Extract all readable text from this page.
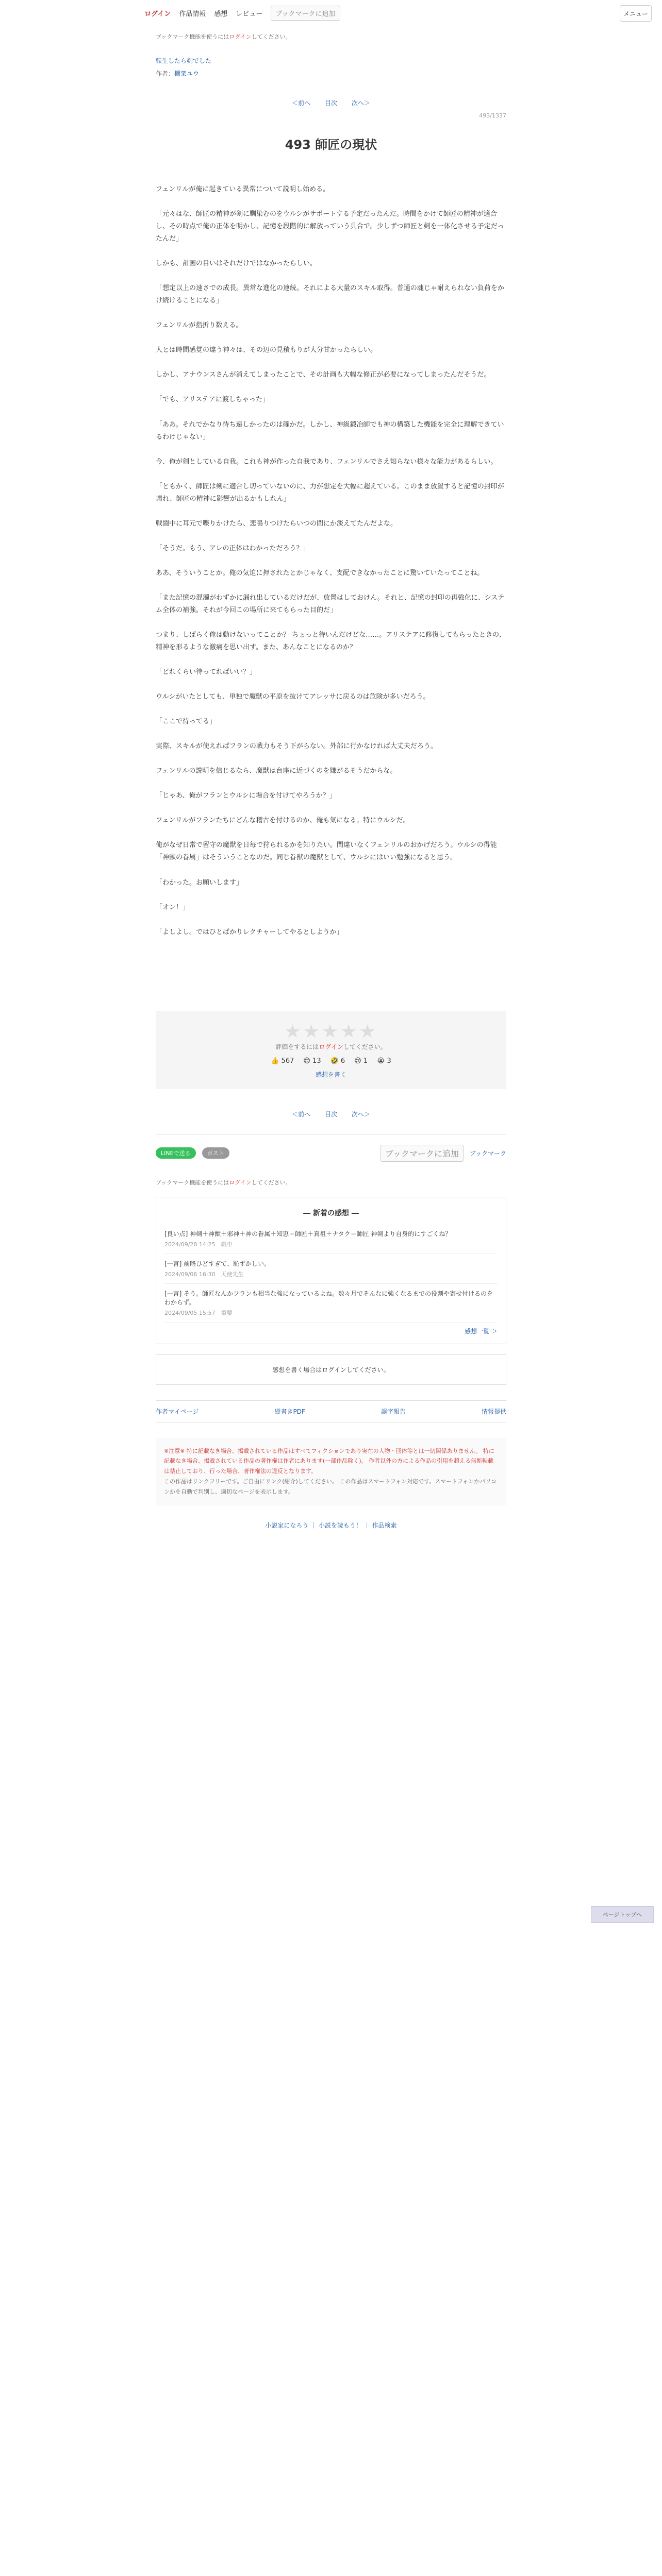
ログイン 作品情報 感想 レビュー	ブックマークに追加	メニュー
ブックマーク機能を使うにはログインしてください。
転生したら剣でした
作者：棚架ユウ
＜前へ 目次 次へ＞
493/1337
493 師匠の現状

フェンリルが俺に起きている異常について説明し始める。

「元々はな、師匠の精神が剣に馴染むのをウルシがサポートする予定だったんだ。時間をかけて師匠の精神が適合し、その時点で俺の正体を明かし、記憶を段階的に解放っていう具合で。少しずつ師匠と剣を一体化させる予定だったんだ」

しかも、計画の目いはそれだけではなかったらしい。

「想定以上の速さでの成長。異常な進化の連続。それによる大量のスキル取得。普通の魂じゃ耐えられない負荷をかけ続けることになる」

フェンリルが指折り数える。

人とは時間感覚の違う神々は、その辺の見積もりが大分甘かったらしい。

しかし、アナウンスさんが消えてしまったことで、その計画も大幅な修正が必要になってしまったんだそうだ。

「でも、アリステアに渡しちゃった」

「ああ。それでかなり待ち遠しかったのは確かだ。しかし、神級鍛冶師でも神の構築した機能を完全に理解できているわけじゃない」

今、俺が剣としている自我。これも神が作った自我であり、フェンリルでさえ知らない様々な能力があるらしい。

「ともかく、師匠は剣に適合し切っていないのに、力が想定を大幅に超えている。このまま放置すると記憶の封印が壊れ、師匠の精神に影響が出るかもしれん」

戦闘中に耳元で喋りかけたら、悲鳴りつけたらいつの間にか淡えてたんだよな。

「そうだ。もう、アレの正体はわかっただろう？」

ああ、そういうことか。俺の気迫に押されたとかじゃなく、支配できなかったことに驚いていたってことね。

「また記憶の混濁がわずかに漏れ出しているだけだが、放置はしておけん。それと、記憶の封印の再強化に、システム全体の補強。それが今回この場所に来てもらった目的だ」

つまり、しばらく俺は動けないってことか？ ちょっと待いんだけどな……。アリステアに修復してもらったときの、精神を形るような激痛を思い出す。また、あんなことになるのか？

「どれくらい待ってればいい？」

ウルシがいたとしても、単独で魔獣の平原を抜けてアレッサに戻るのは危険が多いだろう。

「ここで待ってる」

実際、スキルが使えればフランの戦力もそう下がらない。外部に行かなければ大丈夫だろう。

フェンリルの説明を信じるなら、魔獣は台座に近づくのを嫌がるそうだからな。

「じゃあ、俺がフランとウルシに場合を付けてやろうか？」

フェンリルがフランたちにどんな稽古を付けるのか、俺も気になる。特にウルシだ。

俺がなぜ日常で留守の魔獣を日毎で狩られるかを知りたい。間違いなくフェンリルのおかげだろう。ウルシの得能「神獣の眷属」はそういうことなのだ。同じ眷獣の魔獣として、ウルシにはいい勉強になると思う。

「わかった。お願いします」

「オン！」

「よしよし。ではひとばかりレクチャーしてやるとしようか」

★★★★★
評価をするにはログインしてください。
👍 567 😊 13 🤣 6 😢 1 😭 3
感想を書く
＜前へ 目次 次へ＞
ページトップへ
LINEで送る	ポスト	ブックマークに追加	ブックマーク
ブックマーク機能を使うにはログインしてください。
― 新着の感想 ―
[良い点] 神剣＋神獣＋邪神＋神の眷属＋知恵＝師匠＋真祖＋ナタク＝師匠 神剣より自身的にすごくね？
2024/09/28 14:25　戦車
[一言] 前略ひどすぎて、恥ずかしい。
2024/09/06 16:30　天使先生
[一言] そう。師匠なんかフランも相当な強になっているよね。数々月でそんなに強くなるまでの役割や寄せ付けるのをわからず。
2024/09/05 15:57　重要
感想一覧 ＞
感想を書く場合はログインしてください。
作者マイページ	縦書きPDF	誤字報告	情報提供
※注意※ 特に記載なき場合、掲載されている作品はすべてフィクションであり実在の人物・団体等とは一切関係ありません。 特に記載なき場合、掲載されている作品の著作権は作者にあります(一部作品除く)。 作者以外の方による作品の引用を超える無断転載は禁止しており、行った場合、著作権法の違反となります。
この作品はリンクフリーです。ご自由にリンク(紹介)してください。 この作品はスマートフォン対応です。スマートフォンかパソコンかを自動で判別し、適切なページを表示します。
小説家になろう ｜ 小説を読もう！ ｜ 作品検索
